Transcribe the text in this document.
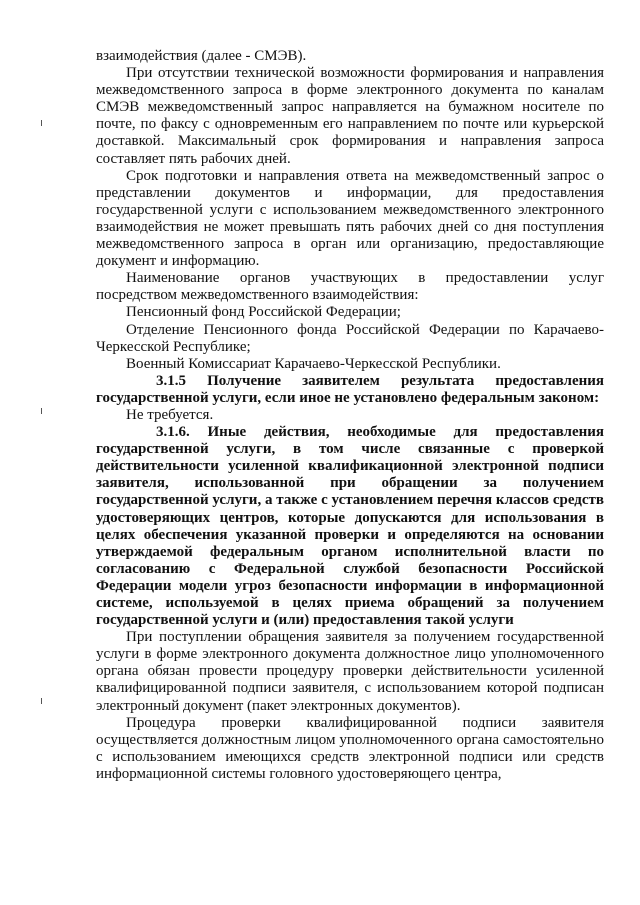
взаимодействия (далее - СМЭВ).

При отсутствии технической возможности формирования и направления межведомственного запроса в форме электронного документа по каналам СМЭВ межведомственный запрос направляется на бумажном носителе по почте, по факсу с одновременным его направлением по почте или курьерской доставкой. Максимальный срок формирования и направления запроса составляет пять рабочих дней.

Срок подготовки и направления ответа на межведомственный запрос о представлении документов и информации, для предоставления государственной услуги с использованием межведомственного электронного взаимодействия не может превышать пять рабочих дней со дня поступления межведомственного запроса в орган или организацию, предоставляющие документ и информацию.

Наименование органов участвующих в предоставлении услуг посредством межведомственного взаимодействия:

Пенсионный фонд Российской Федерации;

Отделение Пенсионного фонда Российской Федерации по Карачаево-Черкесской Республике;

Военный Комиссариат Карачаево-Черкесской Республики.

3.1.5 Получение заявителем результата предоставления государственной услуги, если иное не установлено федеральным законом:

Не требуется.

3.1.6. Иные действия, необходимые для предоставления государственной услуги, в том числе связанные с проверкой действительности усиленной квалификационной электронной подписи заявителя, использованной при обращении за получением государственной услуги, а также с установлением перечня классов средств удостоверяющих центров, которые допускаются для использования в целях обеспечения указанной проверки и определяются на основании утверждаемой федеральным органом исполнительной власти по согласованию с Федеральной службой безопасности Российской Федерации модели угроз безопасности информации в информационной системе, используемой в целях приема обращений за получением государственной услуги и (или) предоставления такой услуги

При поступлении обращения заявителя за получением государственной услуги в форме электронного документа должностное лицо уполномоченного органа обязан провести процедуру проверки действительности усиленной квалифицированной подписи заявителя, с использованием которой подписан электронный документ (пакет электронных документов).

Процедура проверки квалифицированной подписи заявителя осуществляется должностным лицом уполномоченного органа самостоятельно с использованием имеющихся средств электронной подписи или средств информационной системы головного удостоверяющего центра,
